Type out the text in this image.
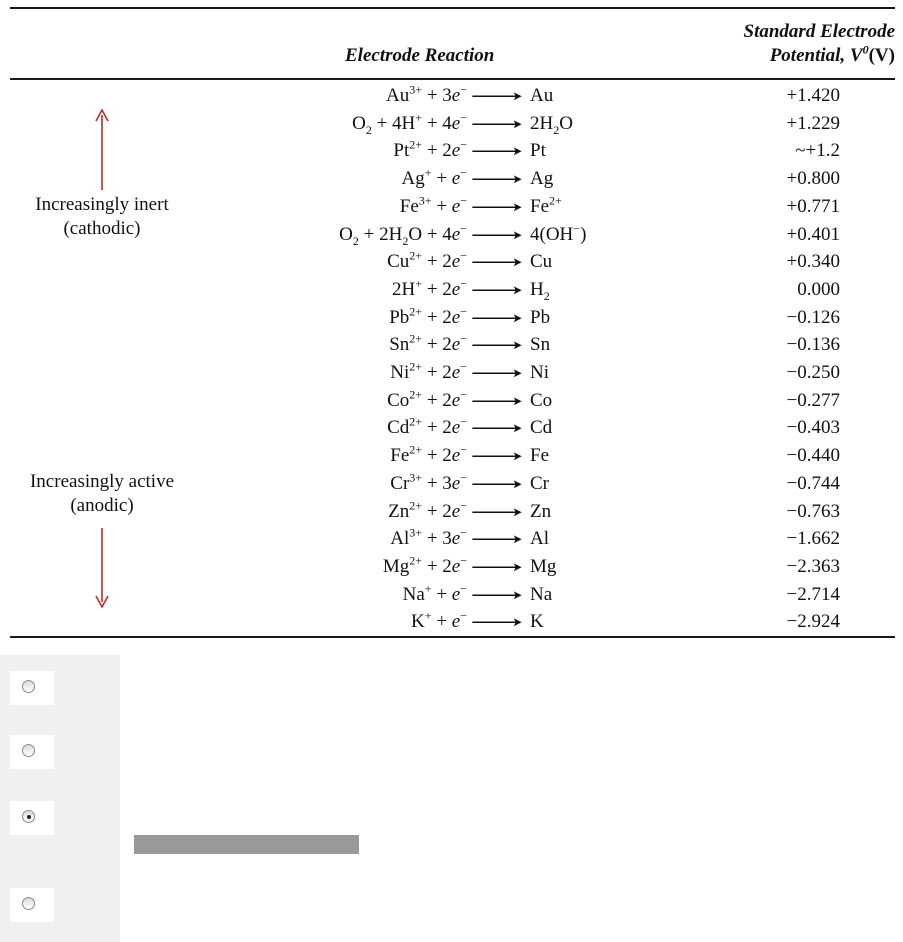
Electrode Reaction
Standard Electrode
Potential, $V^0(V)$
Increasingly inert
(cathodic)
Increasingly active
(anodic)
$Au^{3+} + 3e^- \to Au$	+1.420
$O_2 + 4H^+ + 4e^- \to 2H_2O$	+1.229
$Pt^{2+} + 2e^- \to Pt$	~+1.2
Ag+ + e− → Ag	+0.800
$Fe^{3+} + e^- \to Fe^{2+}$	+0.771
$O_2 + 2H_2O + 4e^- \to 4(OH^-)$	+0.401
$Cu^{2+} + 2e^- \to Cu$	+0.340
$2H^+ + 2e^- \to H_2$	0.000
$Pb^{2+} + 2e^- \to Pb$	−0.126
$Sn^{2+} + 2e^- \to Sn$	−0.136
$Ni^{2+} + 2e^- \to Ni$	−0.250
$Co^{2+} + 2e^- \to Co$	−0.277
$Cd^{2+} + 2e^- \to Cd$	−0.403
$Fe^{2+} + 2e^- \to Fe$	−0.440
$Cr^{3+} + 3e^- \to Cr$	−0.744
$Zn^{2+} + 2e^- \to Zn$	−0.763
$Al^{3+} + 3e^- \to Al$	−1.662
$Mg^{2+} + 2e^- \to Mg$	−2.363
Na+ + e− → Na	−2.714
K+ + e− → K	−2.924
